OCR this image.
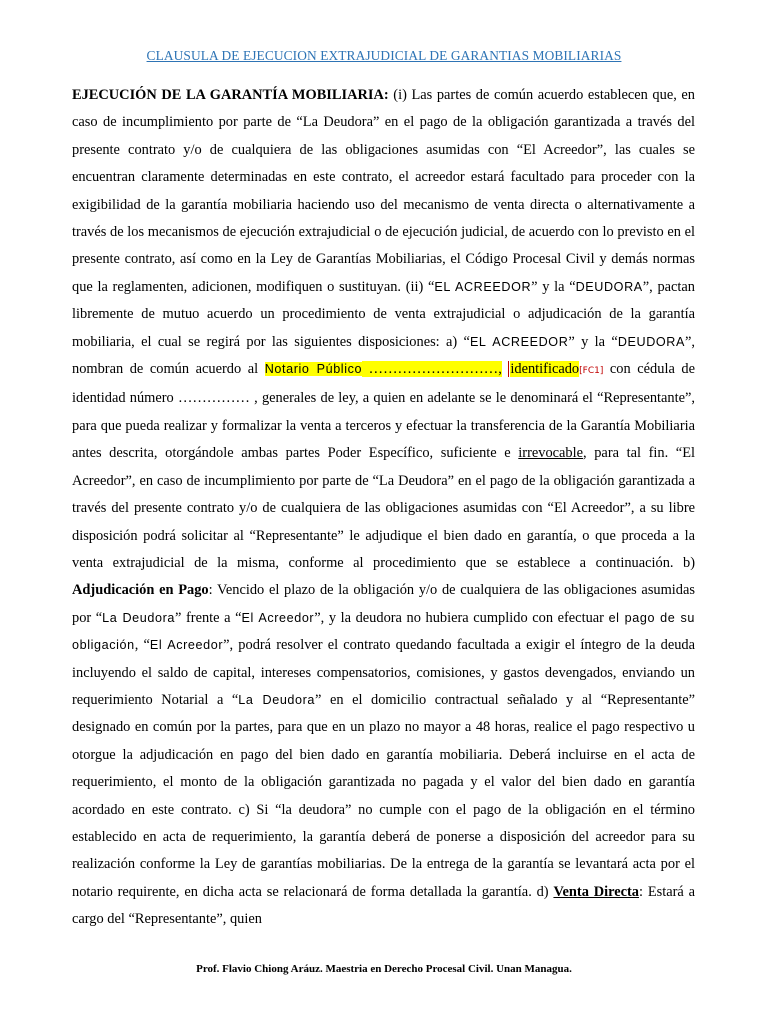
CLAUSULA DE EJECUCION EXTRAJUDICIAL DE GARANTIAS MOBILIARIAS
EJECUCIÓN DE LA GARANTÍA MOBILIARIA: (i) Las partes de común acuerdo establecen que, en caso de incumplimiento por parte de “La Deudora” en el pago de la obligación garantizada a través del presente contrato y/o de cualquiera de las obligaciones asumidas con “El Acreedor”, las cuales se encuentran claramente determinadas en este contrato, el acreedor estará facultado para proceder con la exigibilidad de la garantía mobiliaria haciendo uso del mecanismo de venta directa o alternativamente a través de los mecanismos de ejecución extrajudicial o de ejecución judicial, de acuerdo con lo previsto en el presente contrato, así como en la Ley de Garantías Mobiliarias, el Código Procesal Civil y demás normas que la reglamenten, adicionen, modifiquen o sustituyan. (ii) “EL ACREEDOR” y la “DEUDORA”, pactan libremente de mutuo acuerdo un procedimiento de venta extrajudicial o adjudicación de la garantía mobiliaria, el cual se regirá por las siguientes disposiciones: a) “EL ACREEDOR” y la “DEUDORA”, nombran de común acuerdo al Notario Público ………………………, identificado[FC1] con cédula de identidad número …………… , generales de ley, a quien en adelante se le denominará el “Representante”, para que pueda realizar y formalizar la venta a terceros y efectuar la transferencia de la Garantía Mobiliaria antes descrita, otorgándole ambas partes Poder Específico, suficiente e irrevocable, para tal fin. “El Acreedor”, en caso de incumplimiento por parte de “La Deudora” en el pago de la obligación garantizada a través del presente contrato y/o de cualquiera de las obligaciones asumidas con “El Acreedor”, a su libre disposición podrá solicitar al “Representante” le adjudique el bien dado en garantía, o que proceda a la venta extrajudicial de la misma, conforme al procedimiento que se establece a continuación. b) Adjudicación en Pago: Vencido el plazo de la obligación y/o de cualquiera de las obligaciones asumidas por “La Deudora” frente a “El Acreedor”, y la deudora no hubiera cumplido con efectuar el pago de su obligación, “El Acreedor”, podrá resolver el contrato quedando facultada a exigir el íntegro de la deuda incluyendo el saldo de capital, intereses compensatorios, comisiones, y gastos devengados, enviando un requerimiento Notarial a “La Deudora” en el domicilio contractual señalado y al “Representante” designado en común por la partes, para que en un plazo no mayor a 48 horas, realice el pago respectivo u otorgue la adjudicación en pago del bien dado en garantía mobiliaria. Deberá incluirse en el acta de requerimiento, el monto de la obligación garantizada no pagada y el valor del bien dado en garantía acordado en este contrato. c) Si “la deudora” no cumple con el pago de la obligación en el término establecido en acta de requerimiento, la garantía deberá de ponerse a disposición del acreedor para su realización conforme la Ley de garantías mobiliarias. De la entrega de la garantía se levantará acta por el notario requirente, en dicha acta se relacionará de forma detallada la garantía. d) Venta Directa: Estará a cargo del “Representante”, quien
Prof. Flavio Chiong Aráuz. Maestria en Derecho Procesal Civil. Unan Managua.
